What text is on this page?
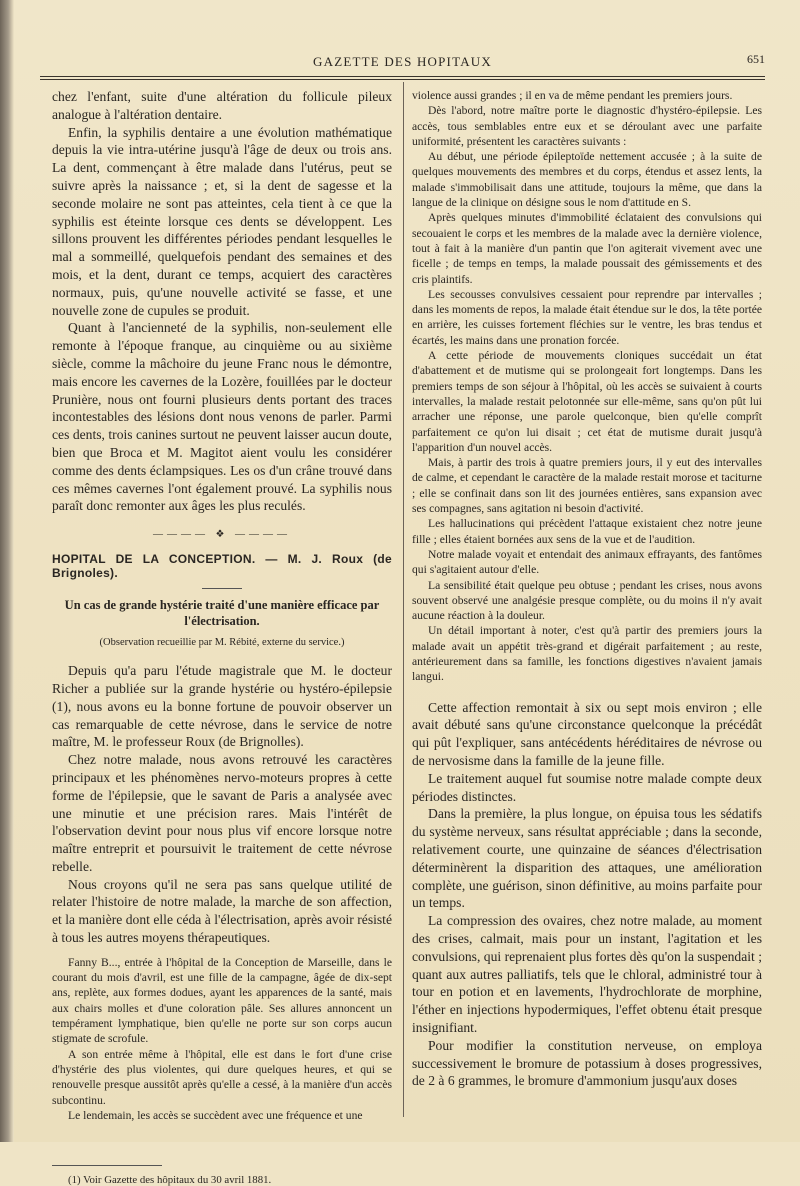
GAZETTE DES HOPITAUX	651

chez l'enfant, suite d'une altération du follicule pileux analogue à l'altération dentaire.

Enfin, la syphilis dentaire a une évolution mathématique depuis la vie intra-utérine jusqu'à l'âge de deux ou trois ans. La dent, commençant à être malade dans l'utérus, peut se suivre après la naissance ; et, si la dent de sagesse et la seconde molaire ne sont pas atteintes, cela tient à ce que la syphilis est éteinte lorsque ces dents se développent. Les sillons prouvent les différentes périodes pendant lesquelles le mal a sommeillé, quelquefois pendant des semaines et des mois, et la dent, durant ce temps, acquiert des caractères normaux, puis, qu'une nouvelle activité se fasse, et une nouvelle zone de cupules se produit.

Quant à l'ancienneté de la syphilis, non-seulement elle remonte à l'époque franque, au cinquième ou au sixième siècle, comme la mâchoire du jeune Franc nous le démontre, mais encore les cavernes de la Lozère, fouillées par le docteur Prunière, nous ont fourni plusieurs dents portant des traces incontestables des lésions dont nous venons de parler. Parmi ces dents, trois canines surtout ne peuvent laisser aucun doute, bien que Broca et M. Magitot aient voulu les considérer comme des dents éclampsiques. Les os d'un crâne trouvé dans ces mêmes cavernes l'ont également prouvé. La syphilis nous paraît donc remonter aux âges les plus reculés.

———— ❖ ————

HOPITAL DE LA CONCEPTION. — M. J. Roux (de Brignoles).

Un cas de grande hystérie traité d'une manière efficace par l'électrisation.

(Observation recueillie par M. Rébité, externe du service.)

Depuis qu'a paru l'étude magistrale que M. le docteur Richer a publiée sur la grande hystérie ou hystéro-épilepsie (1), nous avons eu la bonne fortune de pouvoir observer un cas remarquable de cette névrose, dans le service de notre maître, M. le professeur Roux (de Brignolles).

Chez notre malade, nous avons retrouvé les caractères principaux et les phénomènes nervo-moteurs propres à cette forme de l'épilepsie, que le savant de Paris a analysée avec une minutie et une précision rares. Mais l'intérêt de l'observation devint pour nous plus vif encore lorsque notre maître entreprit et poursuivit le traitement de cette névrose rebelle.

Nous croyons qu'il ne sera pas sans quelque utilité de relater l'histoire de notre malade, la marche de son affection, et la manière dont elle céda à l'électrisation, après avoir résisté à tous les autres moyens thérapeutiques.

Fanny B..., entrée à l'hôpital de la Conception de Marseille, dans le courant du mois d'avril, est une fille de la campagne, âgée de dix-sept ans, replète, aux formes dodues, ayant les apparences de la santé, mais aux chairs molles et d'une coloration pâle. Ses allures annoncent un tempérament lymphatique, bien qu'elle ne porte sur son corps aucun stigmate de scrofule.

A son entrée même à l'hôpital, elle est dans le fort d'une crise d'hystérie des plus violentes, qui dure quelques heures, et qui se renouvelle presque aussitôt après qu'elle a cessé, à la manière d'un accès subcontinu.

Le lendemain, les accès se succèdent avec une fréquence et une

(1) Voir Gazette des hôpitaux du 30 avril 1881.

violence aussi grandes ; il en va de même pendant les premiers jours.

Dès l'abord, notre maître porte le diagnostic d'hystéro-épilepsie. Les accès, tous semblables entre eux et se déroulant avec une parfaite uniformité, présentent les caractères suivants :

Au début, une période épileptoïde nettement accusée ; à la suite de quelques mouvements des membres et du corps, étendus et assez lents, la malade s'immobilisait dans une attitude, toujours la même, que dans la langue de la clinique on désigne sous le nom d'attitude en S.

Après quelques minutes d'immobilité éclataient des convulsions qui secouaient le corps et les membres de la malade avec la dernière violence, tout à fait à la manière d'un pantin que l'on agiterait vivement avec une ficelle ; de temps en temps, la malade poussait des gémissements et des cris plaintifs.

Les secousses convulsives cessaient pour reprendre par intervalles ; dans les moments de repos, la malade était étendue sur le dos, la tête portée en arrière, les cuisses fortement fléchies sur le ventre, les bras tendus et écartés, les mains dans une pronation forcée.

A cette période de mouvements cloniques succédait un état d'abattement et de mutisme qui se prolongeait fort longtemps. Dans les premiers temps de son séjour à l'hôpital, où les accès se suivaient à courts intervalles, la malade restait pelotonnée sur elle-même, sans qu'on pût lui arracher une réponse, une parole quelconque, bien qu'elle comprît parfaitement ce qu'on lui disait ; cet état de mutisme durait jusqu'à l'apparition d'un nouvel accès.

Mais, à partir des trois à quatre premiers jours, il y eut des intervalles de calme, et cependant le caractère de la malade restait morose et taciturne ; elle se confinait dans son lit des journées entières, sans expansion avec ses compagnes, sans agitation ni besoin d'activité.

Les hallucinations qui précèdent l'attaque existaient chez notre jeune fille ; elles étaient bornées aux sens de la vue et de l'audition.

Notre malade voyait et entendait des animaux effrayants, des fantômes qui s'agitaient autour d'elle.

La sensibilité était quelque peu obtuse ; pendant les crises, nous avons souvent observé une analgésie presque complète, ou du moins il n'y avait aucune réaction à la douleur.

Un détail important à noter, c'est qu'à partir des premiers jours la malade avait un appétit très-grand et digérait parfaitement ; au reste, antérieurement dans sa famille, les fonctions digestives n'avaient jamais langui.

Cette affection remontait à six ou sept mois environ ; elle avait débuté sans qu'une circonstance quelconque la précédât qui pût l'expliquer, sans antécédents héréditaires de névrose ou de nervosisme dans la famille de la jeune fille.

Le traitement auquel fut soumise notre malade compte deux périodes distinctes.

Dans la première, la plus longue, on épuisa tous les sédatifs du système nerveux, sans résultat appréciable ; dans la seconde, relativement courte, une quinzaine de séances d'électrisation déterminèrent la disparition des attaques, une amélioration complète, une guérison, sinon définitive, au moins parfaite pour un temps.

La compression des ovaires, chez notre malade, au moment des crises, calmait, mais pour un instant, l'agitation et les convulsions, qui reprenaient plus fortes dès qu'on la suspendait ; quant aux autres palliatifs, tels que le chloral, administré tour à tour en potion et en lavements, l'hydrochlorate de morphine, l'éther en injections hypodermiques, l'effet obtenu était presque insignifiant.

Pour modifier la constitution nerveuse, on employa successivement le bromure de potassium à doses progressives, de 2 à 6 grammes, le bromure d'ammonium jusqu'aux doses
